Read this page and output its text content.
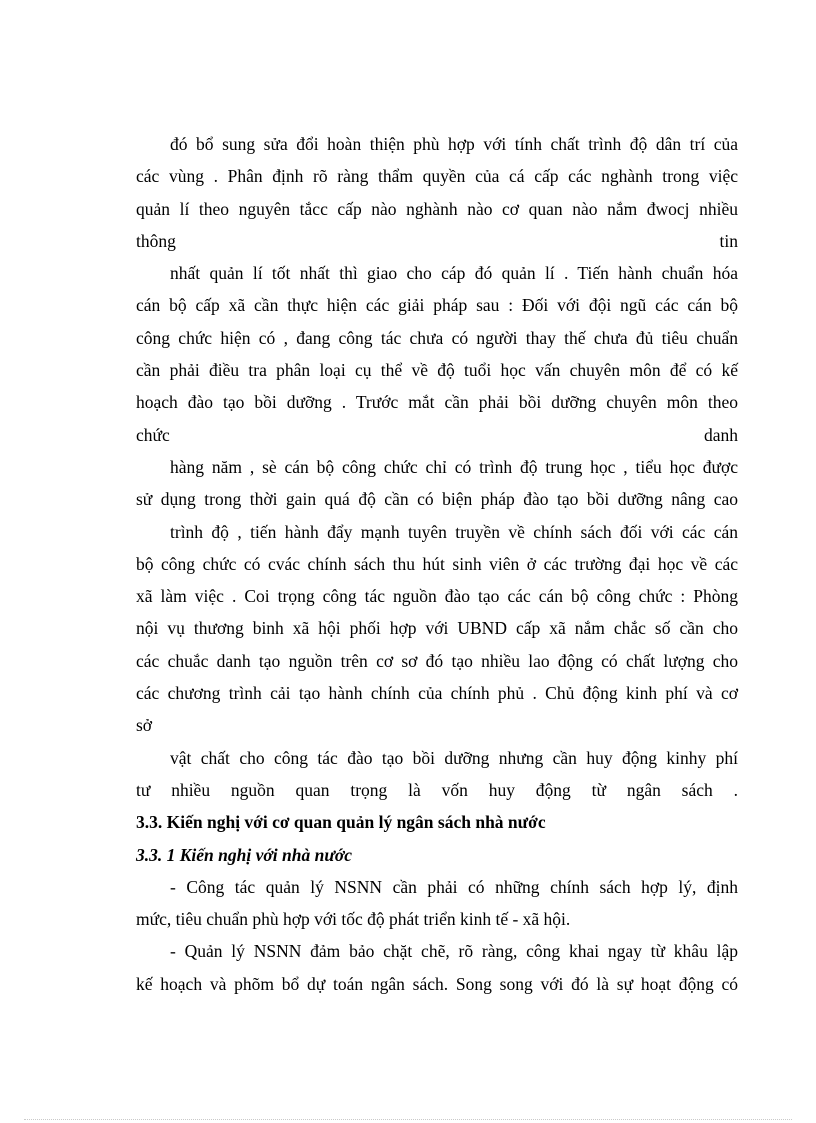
đó bổ sung sửa đổi hoàn thiện phù hợp với tính chất trình độ dân trí của
các vùng . Phân định rõ ràng thẩm quyền của cá cấp các nghành trong việc
quản lí theo nguyên tắcc cấp nào nghành nào cơ quan nào nắm đwocj nhiều
thông tin
nhất quản lí tốt nhất thì giao cho cáp đó quản lí . Tiến hành chuẩn hóa
cán bộ cấp xã cần thực hiện các giải pháp sau : Đối với đội ngũ các cán bộ
công chức hiện có , đang công tác chưa có người thay thế chưa đủ tiêu chuẩn
cần phải điều tra phân loại cụ thể về độ tuổi học vấn chuyên môn để có kế
hoạch đào tạo bồi dưỡng . Trước mắt cần phải bồi dưỡng chuyên môn theo
chức danh
hàng năm , sè cán bộ công chức chỉ có trình độ trung học , tiểu học được
sử dụng trong thời gain quá độ cần có biện pháp đào tạo bồi dưỡng nâng cao
trình độ , tiến hành đẩy mạnh tuyên truyền về chính sách đối với các cán
bộ công chức có cvác chính sách thu hút sinh viên ở các trường đại học về các
xã làm việc . Coi trọng công tác nguồn đào tạo các cán bộ công chức : Phòng
nội vụ thương binh xã hội phối hợp với UBND cấp xã nắm chắc số cần cho
các chuắc danh tạo nguồn trên cơ sơ đó tạo nhiều lao động có chất lượng cho
các chương trình cải tạo hành chính của chính phủ . Chủ động kinh phí và cơ
sở
vật chất cho công tác đào tạo bồi dưỡng nhưng cần huy động kinhy phí
tư nhiều nguồn quan trọng là vốn huy động từ ngân sách .
3.3. Kiến nghị với cơ quan quản lý ngân sách nhà nước
3.3. 1 Kiến nghị với nhà nước
- Công tác quản lý NSNN cần phải có những chính sách hợp lý, định
mức, tiêu chuẩn phù hợp với tốc độ phát triển kinh tế - xã hội.
- Quản lý NSNN đảm bảo chặt chẽ, rõ ràng, công khai ngay từ khâu lập
kế hoạch và phõm bổ dự toán ngân sách. Song song với đó là sự hoạt động có
